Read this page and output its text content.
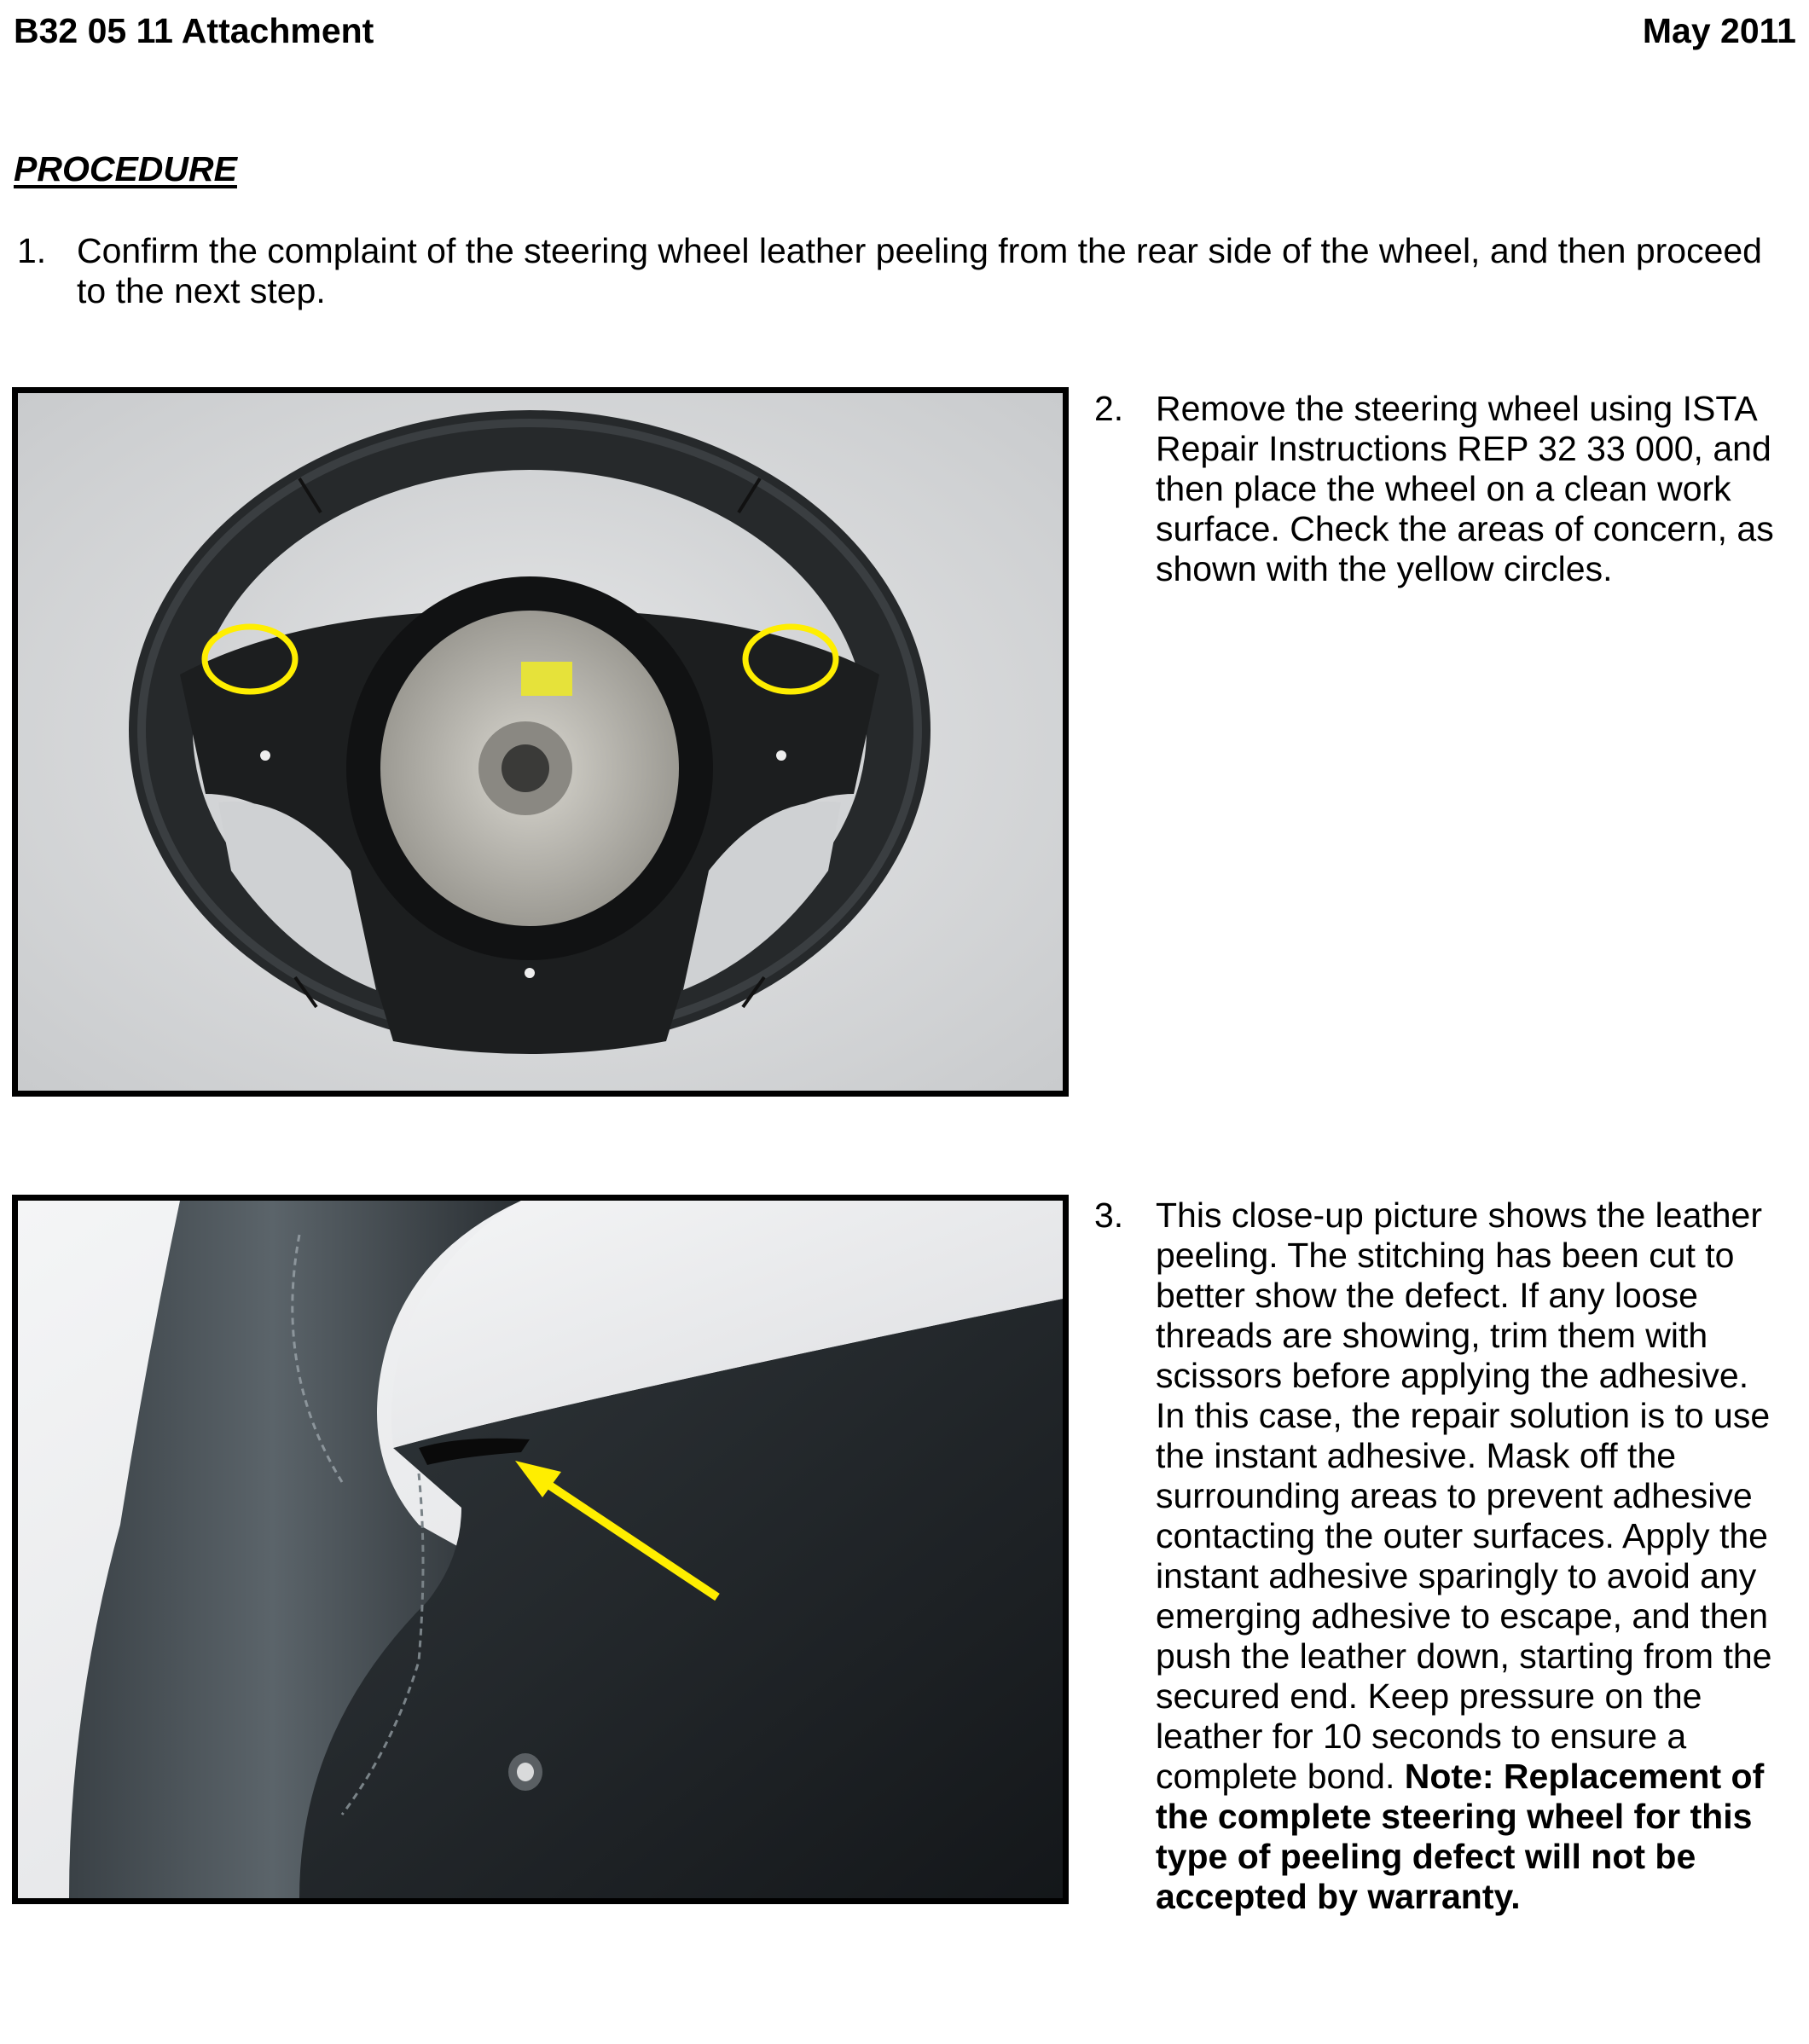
B32 05 11 Attachment	May 2011
PROCEDURE
1. Confirm the complaint of the steering wheel leather peeling from the rear side of the wheel, and then proceed to the next step.
2. Remove the steering wheel using ISTA Repair Instructions REP 32 33 000, and then place the wheel on a clean work surface. Check the areas of concern, as shown with the yellow circles.
3. This close-up picture shows the leather peeling. The stitching has been cut to better show the defect. If any loose threads are showing, trim them with scissors before applying the adhesive. In this case, the repair solution is to use the instant adhesive. Mask off the surrounding areas to prevent adhesive contacting the outer surfaces. Apply the instant adhesive sparingly to avoid any emerging adhesive to escape, and then push the leather down, starting from the secured end. Keep pressure on the leather for 10 seconds to ensure a complete bond. Note: Replacement of the complete steering wheel for this type of peeling defect will not be accepted by warranty.
